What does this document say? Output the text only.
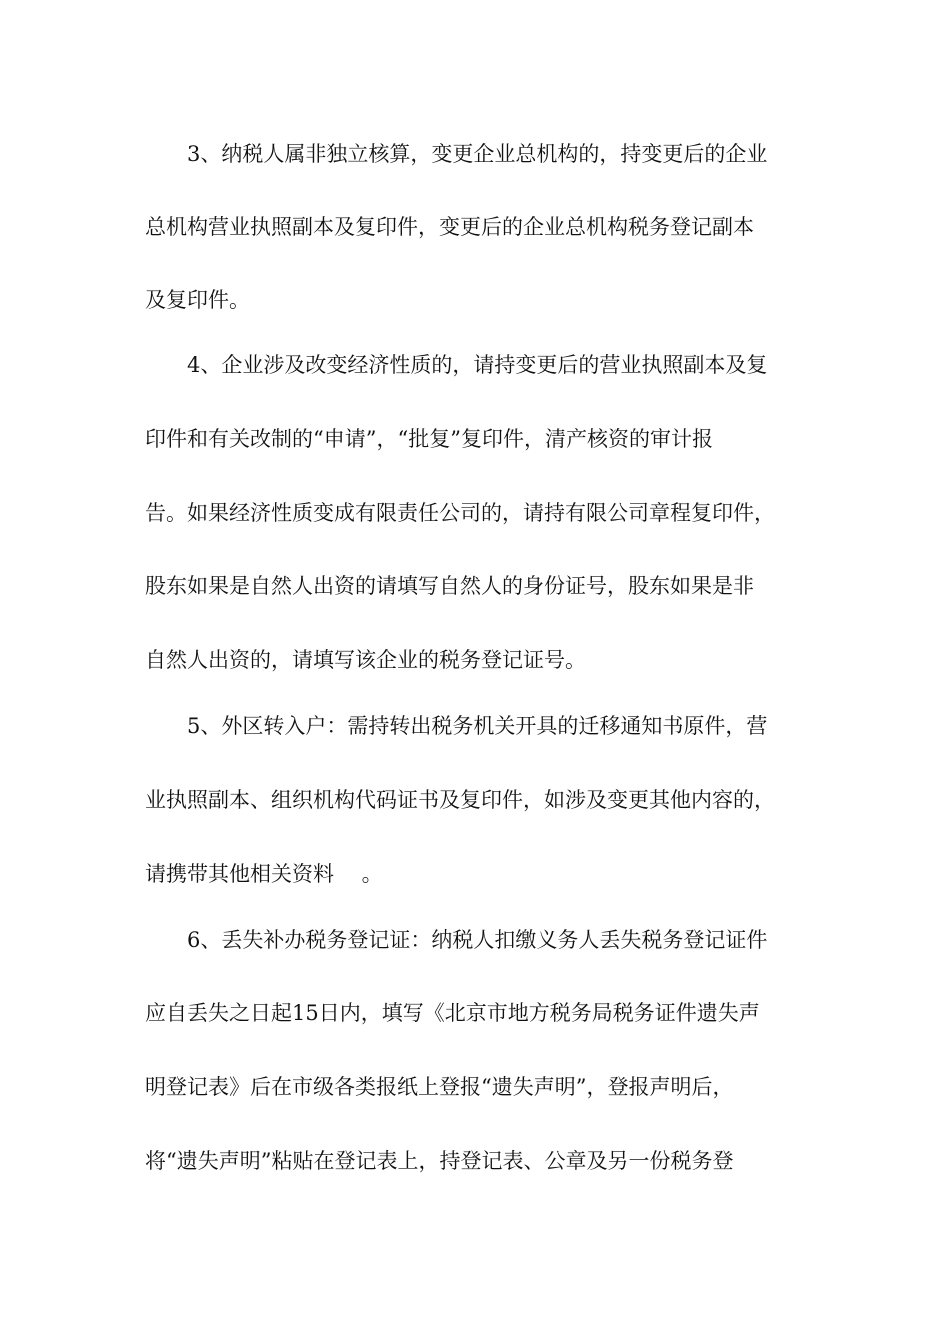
3、纳税人属非独立核算，变更企业总机构的，持变更后的企业
总机构营业执照副本及复印件，变更后的企业总机构税务登记副本
及复印件。
4、企业涉及改变经济性质的，请持变更后的营业执照副本及复
印件和有关改制的“申请”，“批复”复印件，清产核资的审计报
告。如果经济性质变成有限责任公司的，请持有限公司章程复印件，
股东如果是自然人出资的请填写自然人的身份证号，股东如果是非
自然人出资的，请填写该企业的税务登记证号。
5、外区转入户：需持转出税务机关开具的迁移通知书原件，营
业执照副本、组织机构代码证书及复印件，如涉及变更其他内容的，
请携带其他相关资料 　。
6、丢失补办税务登记证：纳税人扣缴义务人丢失税务登记证件
应自丢失之日起15日内，填写《北京市地方税务局税务证件遗失声
明登记表》后在市级各类报纸上登报“遗失声明”，登报声明后，
将“遗失声明”粘贴在登记表上，持登记表、公章及另一份税务登
